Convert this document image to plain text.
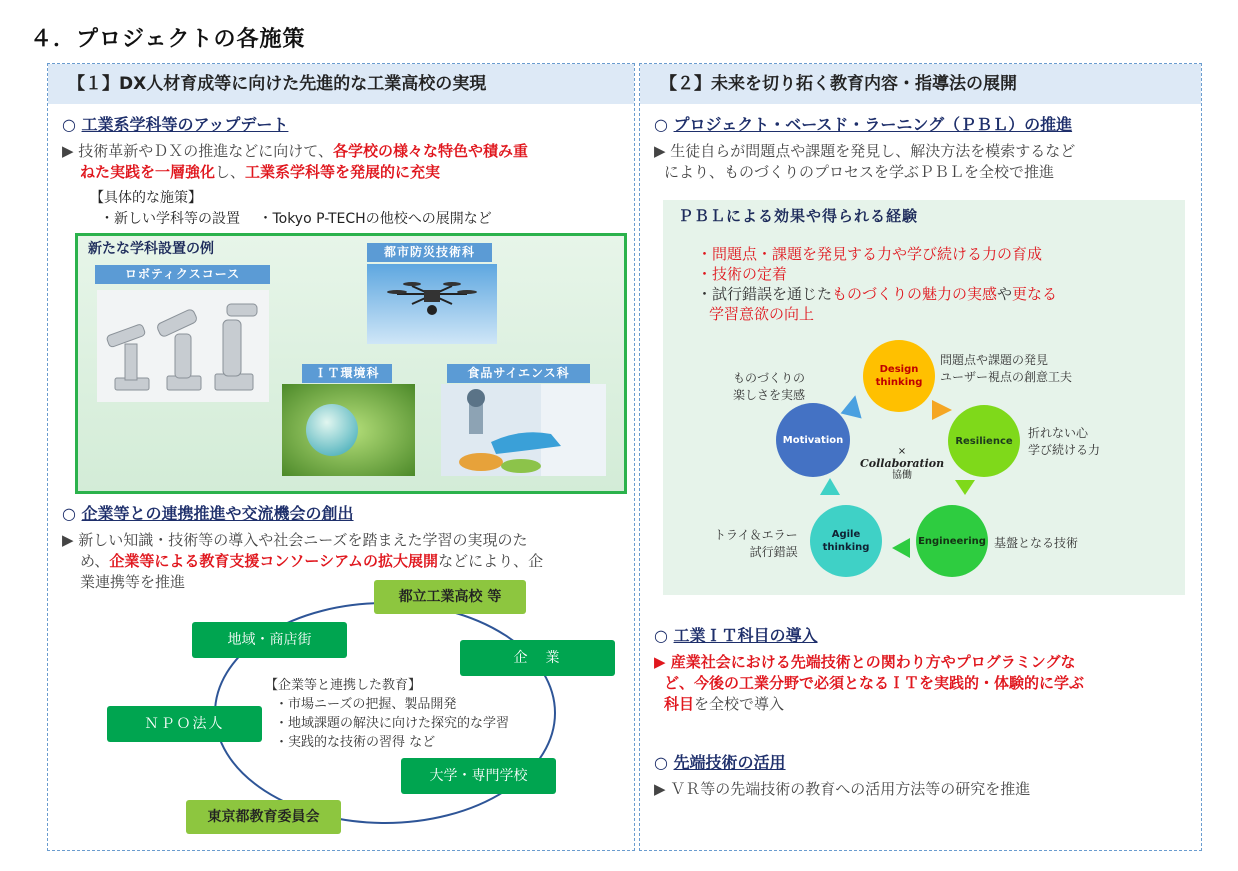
４．プロジェクトの各施策
【１】DX人材育成等に向けた先進的な工業高校の実現
○ 工業系学科等のアップデート
▶ 技術革新やＤＸの推進などに向けて、各学校の様々な特色や積み重
ねた実践を一層強化し、工業系学科等を発展的に充実
【具体的な施策】
・新しい学科等の設置　 ・Tokyo P-TECHの他校への展開など
新たな学科設置の例
ロボティクスコース
都市防災技術科
ＩＴ環境科	食品サイエンス科
○ 企業等との連携推進や交流機会の創出
▶ 新しい知識・技術等の導入や社会ニーズを踏まえた学習の実現のた
め、企業等による教育支援コンソーシアムの拡大展開などにより、企
業連携等を推進
都立工業高校 等
地域・商店街
企　業
ＮＰＯ法人
大学・専門学校
東京都教育委員会
【企業等と連携した教育】
・市場ニーズの把握、製品開発
・地域課題の解決に向けた探究的な学習
・実践的な技術の習得 など
【２】未来を切り拓く教育内容・指導法の展開
○ プロジェクト・ベースド・ラーニング（ＰＢＬ）の推進
▶ 生徒自らが問題点や課題を発見し、解決方法を模索するなど
により、ものづくりのプロセスを学ぶＰＢＬを全校で推進
ＰＢＬによる効果や得られる経験
・問題点・課題を発見する力や学び続ける力の育成
・技術の定着
・試行錯誤を通じたものづくりの魅力の実感や更なる
学習意欲の向上
Design
thinking
Resilience
Engineering
Agile
thinking
Motivation
×
Collaboration
協働
問題点や課題の発見
ユーザー視点の創意工夫
折れない心
学び続ける力
基盤となる技術
トライ＆エラー
試行錯誤
ものづくりの
楽しさを実感
○ 工業ＩＴ科目の導入
▶ 産業社会における先端技術との関わり方やプログラミングな
ど、今後の工業分野で必須となるＩＴを実践的・体験的に学ぶ
科目を全校で導入
○ 先端技術の活用
▶ ＶＲ等の先端技術の教育への活用方法等の研究を推進
